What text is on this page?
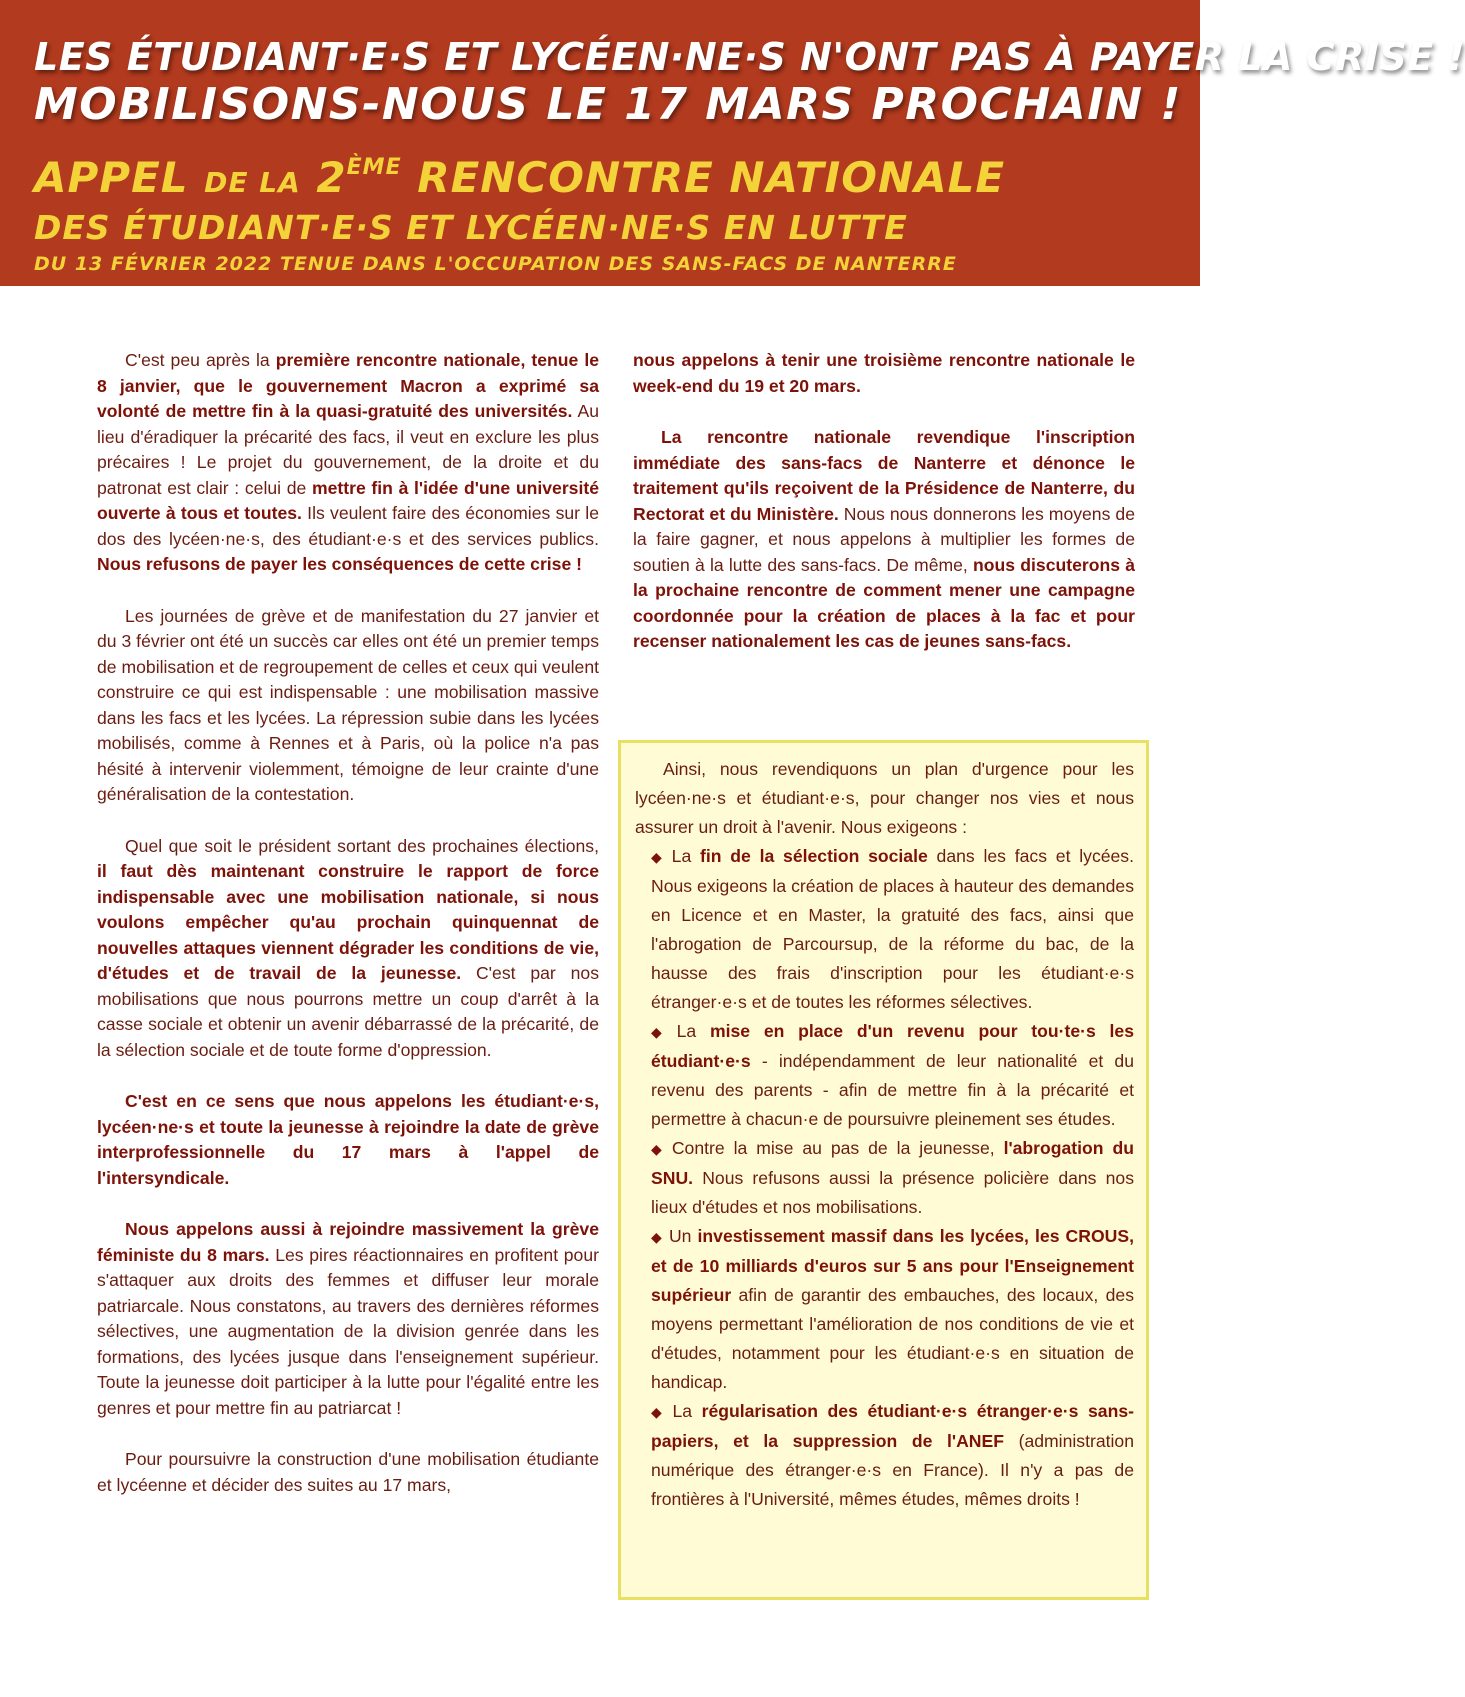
LES ÉTUDIANT·E·S ET LYCÉEN·NE·S N'ONT PAS À PAYER LA CRISE !
MOBILISONS-NOUS LE 17 MARS PROCHAIN !
APPEL DE LA 2ÈME RENCONTRE NATIONALE
DES ÉTUDIANT·E·S ET LYCÉEN·NE·S EN LUTTE
DU 13 FÉVRIER 2022 TENUE DANS L'OCCUPATION DES SANS-FACS DE NANTERRE

C'est peu après la première rencontre nationale, tenue le 8 janvier, que le gouvernement Macron a exprimé sa volonté de mettre fin à la quasi-gratuité des universités. Au lieu d'éradiquer la précarité des facs, il veut en exclure les plus précaires ! Le projet du gouvernement, de la droite et du patronat est clair : celui de mettre fin à l'idée d'une université ouverte à tous et toutes. Ils veulent faire des économies sur le dos des lycéen·ne·s, des étudiant·e·s et des services publics. Nous refusons de payer les conséquences de cette crise !

Les journées de grève et de manifestation du 27 janvier et du 3 février ont été un succès car elles ont été un premier temps de mobilisation et de regroupement de celles et ceux qui veulent construire ce qui est indispensable : une mobilisation massive dans les facs et les lycées. La répression subie dans les lycées mobilisés, comme à Rennes et à Paris, où la police n'a pas hésité à intervenir violemment, témoigne de leur crainte d'une généralisation de la contestation.

Quel que soit le président sortant des prochaines élections, il faut dès maintenant construire le rapport de force indispensable avec une mobilisation nationale, si nous voulons empêcher qu'au prochain quinquennat de nouvelles attaques viennent dégrader les conditions de vie, d'études et de travail de la jeunesse. C'est par nos mobilisations que nous pourrons mettre un coup d'arrêt à la casse sociale et obtenir un avenir débarrassé de la précarité, de la sélection sociale et de toute forme d'oppression.

C'est en ce sens que nous appelons les étudiant·e·s, lycéen·ne·s et toute la jeunesse à rejoindre la date de grève interprofessionnelle du 17 mars à l'appel de l'intersyndicale.

Nous appelons aussi à rejoindre massivement la grève féministe du 8 mars. Les pires réactionnaires en profitent pour s'attaquer aux droits des femmes et diffuser leur morale patriarcale. Nous constatons, au travers des dernières réformes sélectives, une augmentation de la division genrée dans les formations, des lycées jusque dans l'enseignement supérieur. Toute la jeunesse doit participer à la lutte pour l'égalité entre les genres et pour mettre fin au patriarcat !

Pour poursuivre la construction d'une mobilisation étudiante et lycéenne et décider des suites au 17 mars,

nous appelons à tenir une troisième rencontre nationale le week-end du 19 et 20 mars.

La rencontre nationale revendique l'inscription immédiate des sans-facs de Nanterre et dénonce le traitement qu'ils reçoivent de la Présidence de Nanterre, du Rectorat et du Ministère. Nous nous donnerons les moyens de la faire gagner, et nous appelons à multiplier les formes de soutien à la lutte des sans-facs. De même, nous discuterons à la prochaine rencontre de comment mener une campagne coordonnée pour la création de places à la fac et pour recenser nationalement les cas de jeunes sans-facs.

Ainsi, nous revendiquons un plan d'urgence pour les lycéen·ne·s et étudiant·e·s, pour changer nos vies et nous assurer un droit à l'avenir. Nous exigeons :

◆ La fin de la sélection sociale dans les facs et lycées. Nous exigeons la création de places à hauteur des demandes en Licence et en Master, la gratuité des facs, ainsi que l'abrogation de Parcoursup, de la réforme du bac, de la hausse des frais d'inscription pour les étudiant·e·s étranger·e·s et de toutes les réformes sélectives.
◆ La mise en place d'un revenu pour tou·te·s les étudiant·e·s - indépendamment de leur nationalité et du revenu des parents - afin de mettre fin à la précarité et permettre à chacun·e de poursuivre pleinement ses études.
◆ Contre la mise au pas de la jeunesse, l'abrogation du SNU. Nous refusons aussi la présence policière dans nos lieux d'études et nos mobilisations.
◆ Un investissement massif dans les lycées, les CROUS, et de 10 milliards d'euros sur 5 ans pour l'Enseignement supérieur afin de garantir des embauches, des locaux, des moyens permettant l'amélioration de nos conditions de vie et d'études, notamment pour les étudiant·e·s en situation de handicap.
◆ La régularisation des étudiant·e·s étranger·e·s sans-papiers, et la suppression de l'ANEF (administration numérique des étranger·e·s en France). Il n'y a pas de frontières à l'Université, mêmes études, mêmes droits !
